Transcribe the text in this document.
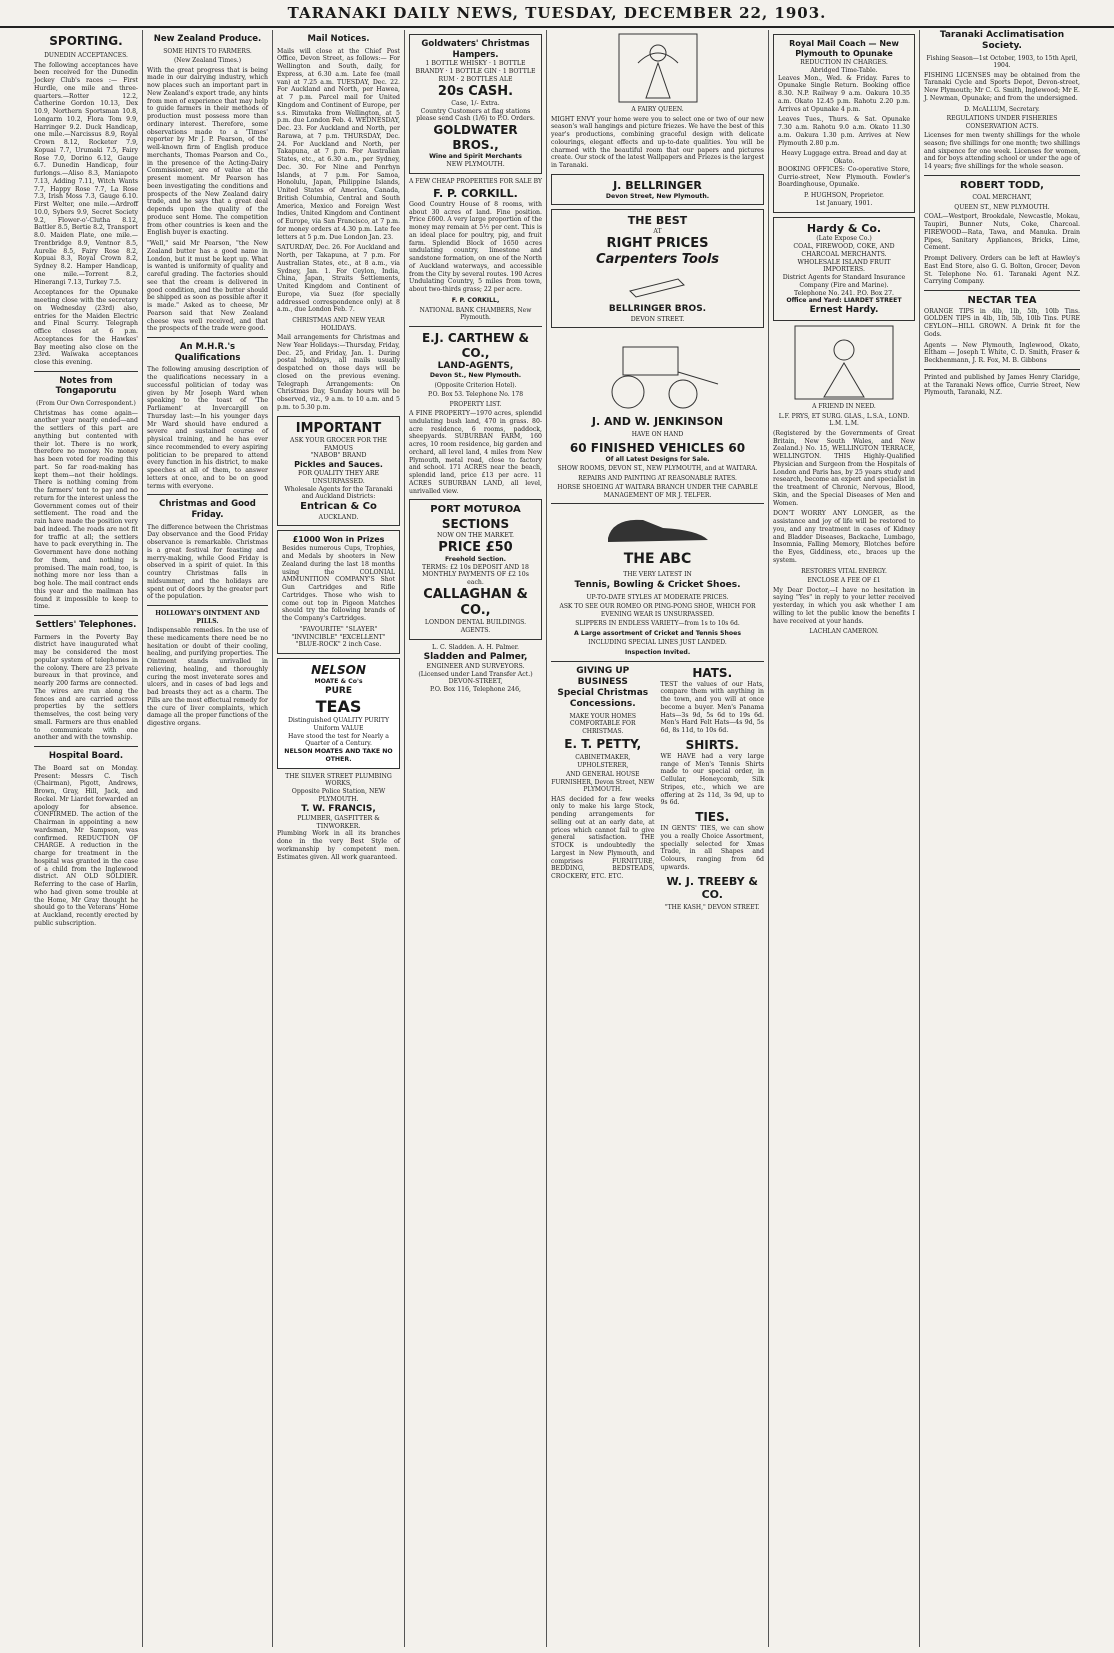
TARANAKI DAILY NEWS, TUESDAY, DECEMBER 22, 1903.
SPORTING.
DUNEDIN ACCEPTANCES.

The following acceptances have been received for the Dunedin Jockey Club's races :— First Hurdle, one mile and three-quarters.—Rotter 12.2, Catherine Gordon 10.13, Dex 10.9, Northern Sportsman 10.8, Longarm 10.2, Flora Tom 9.9, Harringer 9.2. Duck Handicap, one mile.—Narcissus 8.9, Royal Crown 8.12, Rocketer 7.9, Kopuai 7.7, Urumaki 7.5, Fairy Rose 7.0, Dorino 6.12, Gauge 6.7. Dunedin Handicap, four furlongs.—Aliso 8.3, Maniapoto 7.13, Adding 7.11, Witch Wants 7.7, Happy Rose 7.7, La Rose 7.3, Irish Moss 7.3, Gauge 6.10. First Welter, one mile.—Ardroff 10.0, Sybers 9.9, Secret Society 9.2, Flower-o'-Clutha 8.12, Battler 8.5, Bertie 8.2, Transport 8.0. Maiden Plate, one mile.—Trentbridge 8.9, Ventnor 8.5, Aurelie 8.5, Fairy Rose 8.2, Kopuai 8.3, Royal Crown 8.2, Sydney 8.2. Hamper Handicap, one mile.—Torrent 8.2, Hinerangi 7.13, Turkey 7.5.

Acceptances for the Opunake meeting close with the secretary on Wednesday (23rd) also, entries for the Maiden Electric and Final Scurry. Telegraph office closes at 6 p.m. Acceptances for the Hawkes' Bay meeting also close on the 23rd. Waiwaka acceptances close this evening.

Notes from Tongaporutu
(From Our Own Correspondent.)

Christmas has come again—another year nearly ended—and the settlers of this part are anything but contented with their lot. There is no work, therefore no money. No money has been voted for roading this part. So far road-making has kept them—not their holdings. There is nothing coming from the farmers' tent to pay and no return for the interest unless the Government comes out of their settlement. The road and the rain have made the position very bad indeed. The roads are not fit for traffic at all; the settlers have to pack everything in. The Government have done nothing for them, and nothing is promised. The main road, too, is nothing more nor less than a bog hole. The mail contract ends this year and the mailman has found it impossible to keep to time.

Settlers' Telephones.

Farmers in the Poverty Bay district have inaugurated what may be considered the most popular system of telephones in the colony. There are 23 private bureaux in that province, and nearly 200 farms are connected. The wires are run along the fences and are carried across properties by the settlers themselves, the cost being very small. Farmers are thus enabled to communicate with one another and with the township.

Hospital Board.

The Board sat on Monday. Present: Messrs C. Tisch (Chairman), Pigott, Andrews, Brown, Gray, Hill, Jack, and Rockel. Mr Liardet forwarded an apology for absence. CONFIRMED. The action of the Chairman in appointing a new wardsman, Mr Sampson, was confirmed. REDUCTION OF CHARGE. A reduction in the charge for treatment in the hospital was granted in the case of a child from the Inglewood district. AN OLD SOLDIER. Referring to the case of Harlin, who had given some trouble at the Home, Mr Gray thought he should go to the Veterans' Home at Auckland, recently erected by public subscription.

New Zealand Produce.
SOME HINTS TO FARMERS.
(New Zealand Times.)

With the great progress that is being made in our dairying industry, which now places such an important part in New Zealand's export trade, any hints from men of experience that may help to guide farmers in their methods of production must possess more than ordinary interest. Therefore, some observations made to a 'Times' reporter by Mr J. P. Pearson, of the well-known firm of English produce merchants, Thomas Pearson and Co., in the presence of the Acting-Dairy Commissioner, are of value at the present moment. Mr Pearson has been investigating the conditions and prospects of the New Zealand dairy trade, and he says that a great deal depends upon the quality of the produce sent Home. The competition from other countries is keen and the English buyer is exacting.

"Well," said Mr Pearson, "the New Zealand butter has a good name in London, but it must be kept up. What is wanted is uniformity of quality and careful grading. The factories should see that the cream is delivered in good condition, and the butter should be shipped as soon as possible after it is made." Asked as to cheese, Mr Pearson said that New Zealand cheese was well received, and that the prospects of the trade were good.

An M.H.R.'s Qualifications

The following amusing description of the qualifications necessary in a successful politician of today was given by Mr Joseph Ward when speaking to the toast of 'The Parliament' at Invercargill on Thursday last:—In his younger days Mr Ward should have endured a severe and sustained course of physical training, and he has ever since recommended to every aspiring politician to be prepared to attend every function in his district, to make speeches at all of them, to answer letters at once, and to be on good terms with everyone.

Christmas and Good Friday.

The difference between the Christmas Day observance and the Good Friday observance is remarkable. Christmas is a great festival for feasting and merry-making, while Good Friday is observed in a spirit of quiet. In this country Christmas falls in midsummer, and the holidays are spent out of doors by the greater part of the population.

HOLLOWAY'S OINTMENT AND PILLS.

Indispensable remedies. In the use of these medicaments there need be no hesitation or doubt of their cooling, healing, and purifying properties. The Ointment stands unrivalled in relieving, healing, and thoroughly curing the most inveterate sores and ulcers, and in cases of bad legs and bad breasts they act as a charm. The Pills are the most effectual remedy for the cure of liver complaints, which damage all the proper functions of the digestive organs.

Mail Notices.

Mails will close at the Chief Post Office, Devon Street, as follows:— For Wellington and South, daily, for Express, at 6.30 a.m. Late fee (mail van) at 7.25 a.m. TUESDAY, Dec. 22. For Auckland and North, per Hawea, at 7 p.m. Parcel mail for United Kingdom and Continent of Europe, per s.s. Rimutaka from Wellington, at 5 p.m. due London Feb. 4. WEDNESDAY, Dec. 23. For Auckland and North, per Rarawa, at 7 p.m. THURSDAY, Dec. 24. For Auckland and North, per Takapuna, at 7 p.m. For Australian States, etc., at 6.30 a.m., per Sydney, Dec. 30. For Nine and Penrhyn Islands, at 7 p.m. For Samoa, Honolulu, Japan, Philippine Islands, United States of America, Canada, British Columbia, Central and South America, Mexico and Foreign West Indies, United Kingdom and Continent of Europe, via San Francisco, at 7 p.m. for money orders at 4.30 p.m. Late fee letters at 5 p.m. Due London Jan. 23.

SATURDAY, Dec. 26. For Auckland and North, per Takapuna, at 7 p.m. For Australian States, etc., at 8 a.m., via Sydney, Jan. 1. For Ceylon, India, China, Japan, Straits Settlements, United Kingdom and Continent of Europe, via Suez (for specially addressed correspondence only) at 8 a.m., due London Feb. 7.

CHRISTMAS AND NEW YEAR HOLIDAYS.

Mail arrangements for Christmas and New Year Holidays:—Thursday, Friday, Dec. 25, and Friday, Jan. 1. During postal holidays, all mails usually despatched on those days will be closed on the previous evening. Telegraph Arrangements: On Christmas Day, Sunday hours will be observed, viz., 9 a.m. to 10 a.m. and 5 p.m. to 5.30 p.m.

IMPORTANT
ASK YOUR GROCER FOR THE FAMOUS
"NABOB" BRAND
Pickles and Sauces.
FOR QUALITY THEY ARE UNSURPASSED.
Wholesale Agents for the Taranaki and Auckland Districts:
Entrican & Co
AUCKLAND.
£1000 Won in Prizes

Besides numerous Cups, Trophies, and Medals by shooters in New Zealand during the last 18 months using the COLONIAL AMMUNITION COMPANY'S Shot Gun Cartridges and Rifle Cartridges. Those who wish to come out top in Pigeon Matches should try the following brands of the Company's Cartridges.

"FAVOURITE" "SLAYER" "INVINCIBLE" "EXCELLENT" "BLUE-ROCK" 2 inch Case.
NELSON
MOATE & Co's
PURE
TEAS
Distinguished QUALITY PURITY
Uniform VALUE
Have stood the test for Nearly a Quarter of a Century.
NELSON MOATES AND TAKE NO OTHER.
THE SILVER STREET PLUMBING WORKS,
Opposite Police Station, NEW PLYMOUTH.
T. W. FRANCIS,
PLUMBER, GASFITTER & TINWORKER.

Plumbing Work in all its branches done in the very Best Style of workmanship by competent men. Estimates given. All work guaranteed.

Goldwaters' Christmas Hampers.
1 BOTTLE WHISKY · 1 BOTTLE BRANDY · 1 BOTTLE GIN · 1 BOTTLE RUM · 2 BOTTLES ALE
20s CASH.
Case, 1/- Extra.
Country Customers at flag stations please send Cash (1/6) to P.O. Orders.
GOLDWATER BROS.,
Wine and Spirit Merchants
NEW PLYMOUTH.
A FEW CHEAP PROPERTIES FOR SALE BY
F. P. CORKILL.

Good Country House of 8 rooms, with about 30 acres of land. Fine position. Price £600. A very large proportion of the money may remain at 5½ per cent. This is an ideal place for poultry, pig, and fruit farm. Splendid Block of 1650 acres undulating country, limestone and sandstone formation, on one of the North of Auckland waterways, and accessible from the City by several routes. 190 Acres Undulating Country, 5 miles from town, about two-thirds grass; 22 per acre.

F. P. CORKILL,
NATIONAL BANK CHAMBERS, New Plymouth.
E.J. CARTHEW & CO.,
LAND-AGENTS,
Devon St., New Plymouth.
(Opposite Criterion Hotel).
P.O. Box 53. Telephone No. 178
PROPERTY LIST.

A FINE PROPERTY—1970 acres, splendid undulating bush land, 470 in grass. 80-acre residence, 6 rooms, paddock, sheepyards. SUBURBAN FARM, 160 acres, 10 room residence, big garden and orchard, all level land, 4 miles from New Plymouth, metal road, close to factory and school. 171 ACRES near the beach, splendid land, price £13 per acre. 11 ACRES SUBURBAN LAND, all level, unrivalled view.

PORT MOTUROA
SECTIONS
NOW ON THE MARKET.
PRICE £50
Freehold Section.
TERMS: £2 10s DEPOSIT AND 18 MONTHLY PAYMENTS OF £2 10s each.
CALLAGHAN & CO.,
LONDON DENTAL BUILDINGS.
AGENTS.
L. C. Sladden. A. H. Palmer.
Sladden and Palmer,
ENGINEER AND SURVEYORS.
(Licensed under Land Transfer Act.)
DEVON-STREET,
P.O. Box 116, Telephone 246,
A FAIRY QUEEN.

MIGHT ENVY your home were you to select one or two of our new season's wall hangings and picture friezes. We have the best of this year's productions, combining graceful design with delicate colourings, elegant effects and up-to-date qualities. You will be charmed with the beautiful room that our papers and pictures create. Our stock of the latest Wallpapers and Friezes is the largest in Taranaki.

J. BELLRINGER
Devon Street, New Plymouth.
THE BEST
AT
RIGHT PRICES
Carpenters Tools
BELLRINGER BROS.
DEVON STREET.
J. AND W. JENKINSON
HAVE ON HAND
60 FINISHED VEHICLES 60
Of all Latest Designs for Sale.
SHOW ROOMS, DEVON ST., NEW PLYMOUTH, and at WAITARA.
REPAIRS AND PAINTING AT REASONABLE RATES.
HORSE SHOEING AT WAITARA BRANCH UNDER THE CAPABLE MANAGEMENT OF MR J. TELFER.
THE ABC
THE VERY LATEST IN
Tennis, Bowling & Cricket Shoes.
UP-TO-DATE STYLES AT MODERATE PRICES.
ASK TO SEE OUR ROMEO OR PING-PONG SHOE, WHICH FOR EVENING WEAR IS UNSURPASSED.
SLIPPERS IN ENDLESS VARIETY—from 1s to 10s 6d.
A Large assortment of Cricket and Tennis Shoes
INCLUDING SPECIAL LINES JUST LANDED.
Inspection Invited.
GIVING UP BUSINESS
Special Christmas Concessions.
MAKE YOUR HOMES COMFORTABLE FOR CHRISTMAS.
E. T. PETTY,
CABINETMAKER, UPHOLSTERER,
AND GENERAL HOUSE FURNISHER, Devon Street, NEW PLYMOUTH.

HAS decided for a few weeks only to make his large Stock, pending arrangements for selling out at an early date, at prices which cannot fail to give general satisfaction. THE STOCK is undoubtedly the Largest in New Plymouth, and comprises FURNITURE, BEDDING, BEDSTEADS, CROCKERY, ETC. ETC.

HATS.

TEST the values of our Hats, compare them with anything in the town, and you will at once become a buyer. Men's Panama Hats—3s 9d, 5s 6d to 19s 6d. Men's Hard Felt Hats—4s 9d, 5s 6d, 8s 11d, to 10s 6d.

SHIRTS.

WE HAVE had a very large range of Men's Tennis Shirts made to our special order, in Cellular, Honeycomb, Silk Stripes, etc., which we are offering at 2s 11d, 3s 9d, up to 9s 6d.

TIES.

IN GENTS' TIES, we can show you a really Choice Assortment, specially selected for Xmas Trade, in all Shapes and Colours, ranging from 6d upwards.

W. J. TREEBY & CO.
"THE KASH," DEVON STREET.
Royal Mail Coach — New Plymouth to Opunake
REDUCTION IN CHARGES.
Abridged Time-Table.

Leaves Mon., Wed. & Friday. Fares to Opunake Single Return. Booking office 8.30. N.P. Railway 9 a.m. Oakura 10.35 a.m. Okato 12.45 p.m. Rahotu 2.20 p.m. Arrives at Opunake 4 p.m.

Leaves Tues., Thurs. & Sat. Opunake 7.30 a.m. Rahotu 9.0 a.m. Okato 11.30 a.m. Oakura 1.30 p.m. Arrives at New Plymouth 2.80 p.m.

Heavy Luggage extra. Bread and day at Okato.

BOOKING OFFICES: Co-operative Store, Currie-street, New Plymouth. Fowler's Boardinghouse, Opunake.

P. HUGHSON, Proprietor.
1st January, 1901.
Hardy & Co.
(Late Expose Co.)
COAL, FIREWOOD, COKE, AND CHARCOAL MERCHANTS.
WHOLESALE ISLAND FRUIT IMPORTERS.
District Agents for Standard Insurance Company (Fire and Marine).
Telephone No. 241. P.O. Box 27.
Office and Yard: LIARDET STREET
Ernest Hardy.
A FRIEND IN NEED.
L.F. PRYS, ET SURG. GLAS., L.S.A., LOND. L.M. L.M.

(Registered by the Governments of Great Britain, New South Wales, and New Zealand.) No. 15, WELLINGTON TERRACE, WELLINGTON. THIS Highly-Qualified Physician and Surgeon from the Hospitals of London and Paris has, by 25 years study and research, become an expert and specialist in the treatment of Chronic, Nervous, Blood, Skin, and the Special Diseases of Men and Women.

DON'T WORRY ANY LONGER, as the assistance and joy of life will be restored to you, and any treatment in cases of Kidney and Bladder Diseases, Backache, Lumbago, Insomnia, Falling Memory, Blotches before the Eyes, Giddiness, etc., braces up the system.

RESTORES VITAL ENERGY.
ENCLOSE A FEE OF £1

My Dear Doctor,—I have no hesitation in saying "Yes" in reply to your letter received yesterday, in which you ask whether I am willing to let the public know the benefits I have received at your hands.

LACHLAN CAMERON.
Taranaki Acclimatisation Society.
Fishing Season—1st October, 1903, to 15th April, 1904.

FISHING LICENSES may be obtained from the Taranaki Cycle and Sports Depot, Devon-street, New Plymouth; Mr C. G. Smith, Inglewood; Mr E. J. Newman, Opunake; and from the undersigned.

D. McALLUM, Secretary.
REGULATIONS UNDER FISHERIES CONSERVATION ACTS.

Licenses for men twenty shillings for the whole season; five shillings for one month; two shillings and sixpence for one week. Licenses for women, and for boys attending school or under the age of 14 years; five shillings for the whole season.

ROBERT TODD,
COAL MERCHANT,
QUEEN ST., NEW PLYMOUTH.

COAL—Westport, Brookdale, Newcastle, Mokau, Taupiri, Bunner Nuts, Coke, Charcoal. FIREWOOD—Rata, Tawa, and Manuka. Drain Pipes, Sanitary Appliances, Bricks, Lime, Cement.

Prompt Delivery. Orders can be left at Hawley's East End Store, also G. G. Bolton, Grocer, Devon St. Telephone No. 61. Taranaki Agent N.Z. Carrying Company.

NECTAR TEA

ORANGE TIPS in 4lb, 1lb, 5lb, 10lb Tins. GOLDEN TIPS in 4lb, 1lb, 5lb, 10lb Tins. PURE CEYLON—HILL GROWN. A Drink fit for the Gods.

Agents — New Plymouth, Inglewood, Okato, Eltham — Joseph T. White, C. D. Smith, Fraser & Beckhenmann, J. R. Fox, M. B. Gibbons

Printed and published by James Henry Claridge, at the Taranaki News office, Currie Street, New Plymouth, Taranaki, N.Z.
